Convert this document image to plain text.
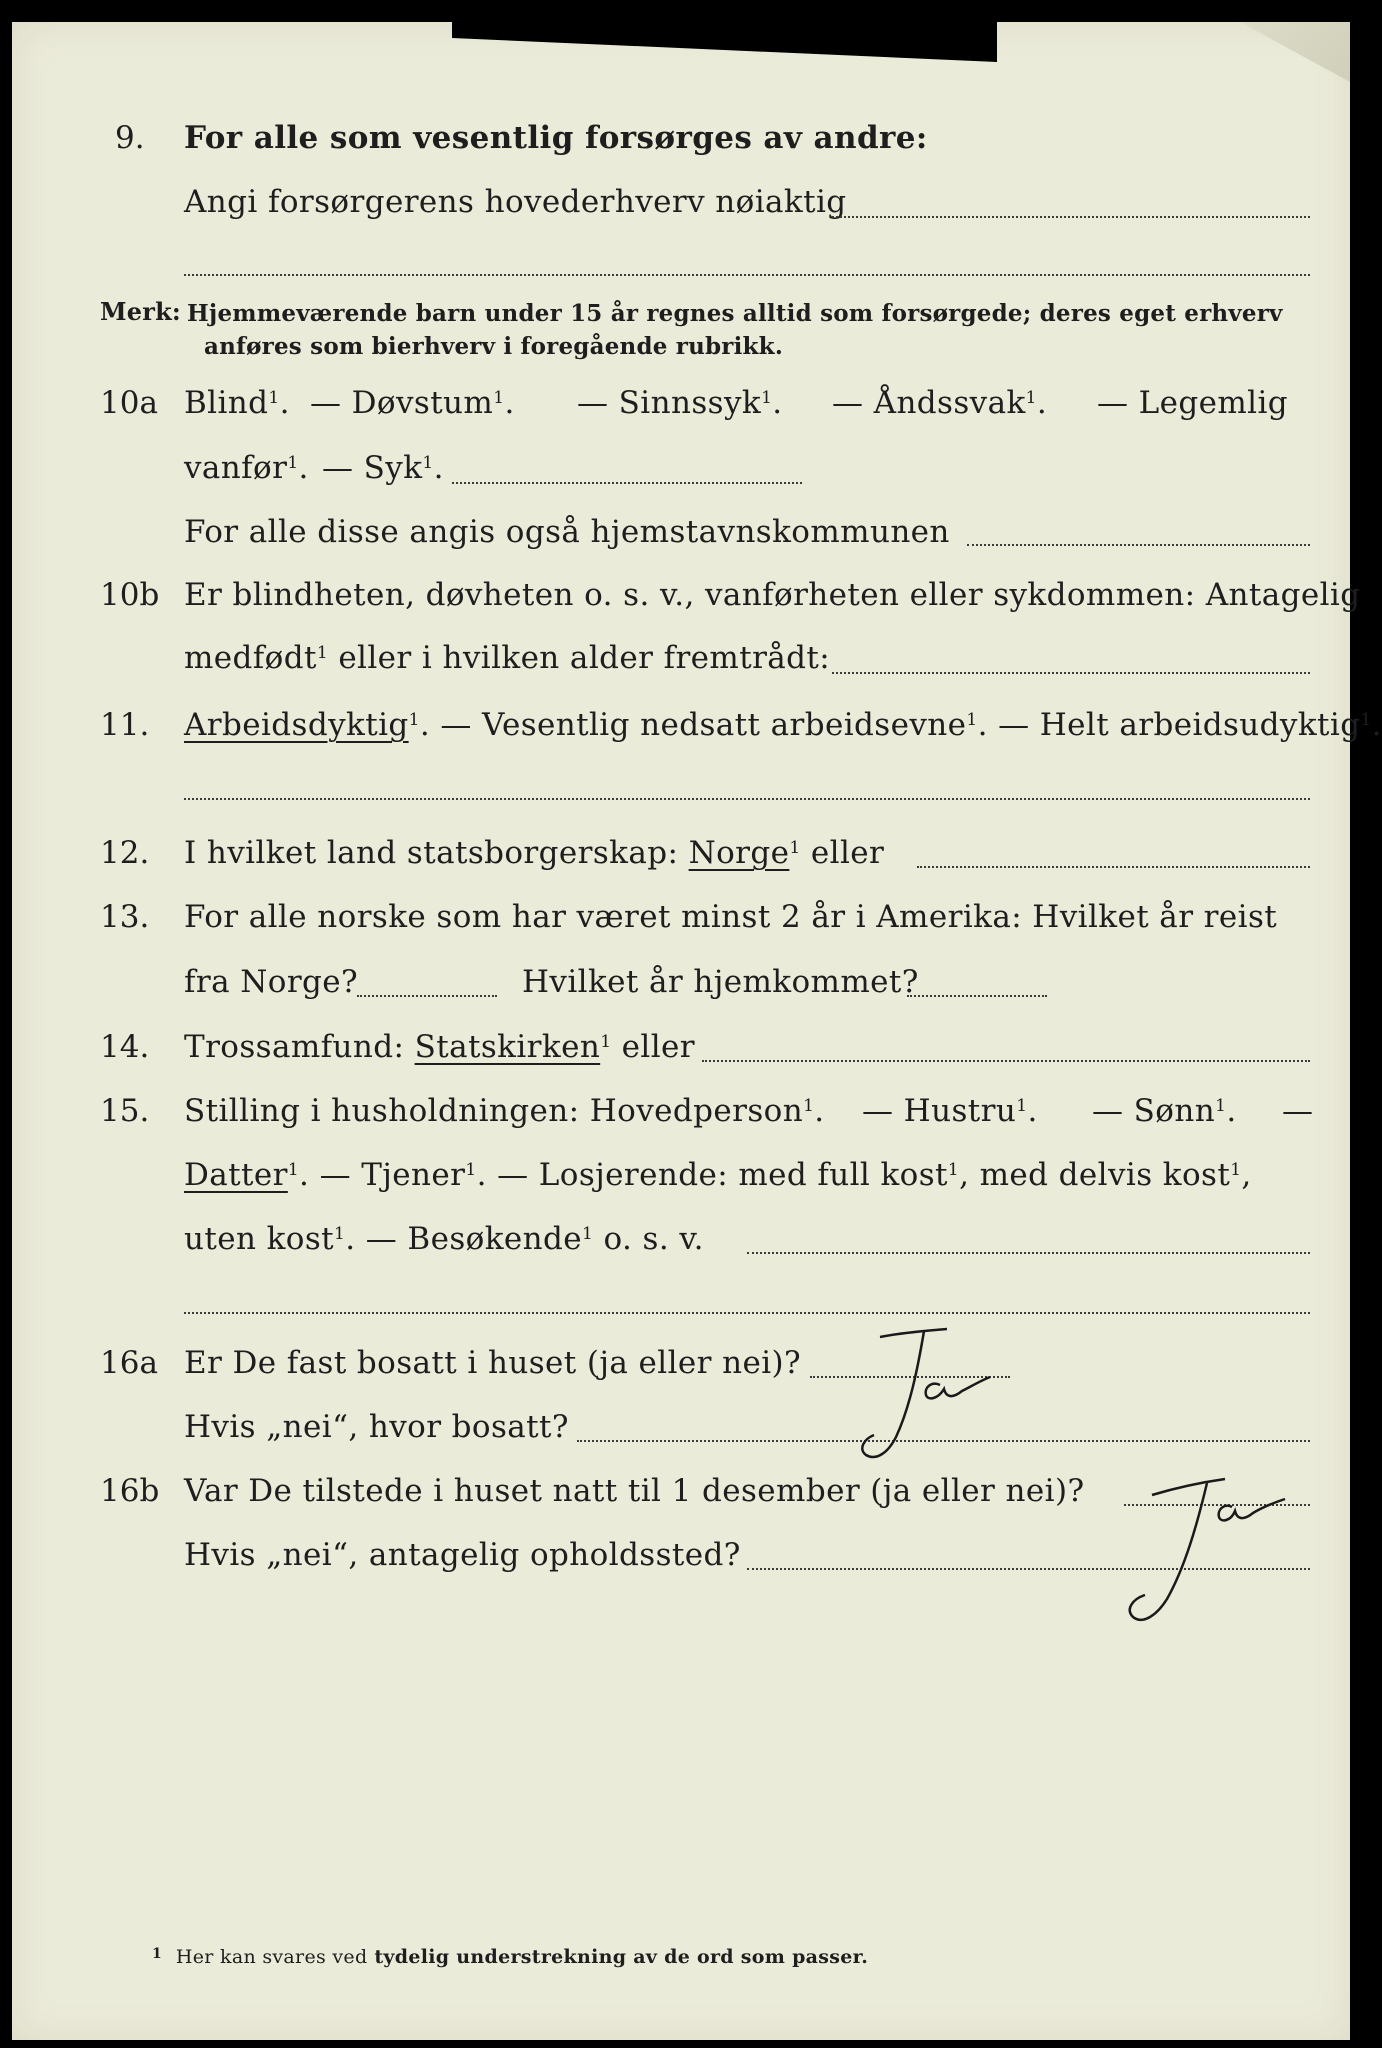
9. For alle som vesentlig forsørges av andre:
Angi forsørgerens hovederhverv nøiaktig
Merk: Hjemmeværende barn under 15 år regnes alltid som forsørgede; deres eget erhverv
anføres som bierhverv i foregående rubrikk.
10a Blind$^1$. — Døvstum$^1$. — Sinnssyk$^1$. — Åndssvak$^1$. — Legemlig
vanfør$^1$. — Syk$^1$.
For alle disse angis også hjemstavnskommunen
10b Er blindheten, døvheten o. s. v., vanførheten eller sykdommen: Antagelig
medfødt$^1$ eller i hvilken alder fremtrådt:
11. Arbeidsdyktig$^1$. — Vesentlig nedsatt arbeidsevne$^1$. — Helt arbeidsudyktig$^1$.
12. I hvilket land statsborgerskap: Norge$^1$ eller
13. For alle norske som har været minst 2 år i Amerika: Hvilket år reist
fra Norge?	Hvilket år hjemkommet?
14. Trossamfund: Statskirken$^1$ eller
15. Stilling i husholdningen: Hovedperson$^1$. — Hustru$^1$. — Sønn$^1$. —
Datter$^1$. — Tjener$^1$. — Losjerende: med full kost$^1$, med delvis kost$^1$,
uten kost$^1$. — Besøkende$^1$ o. s. v.
16a Er De fast bosatt i huset (ja eller nei)?
Hvis „nei“, hvor bosatt?
16b Var De tilstede i huset natt til 1 desember (ja eller nei)?
Hvis „nei“, antagelig opholdssted?
$^1$ Her kan svares ved tydelig understrekning av de ord som passer.
